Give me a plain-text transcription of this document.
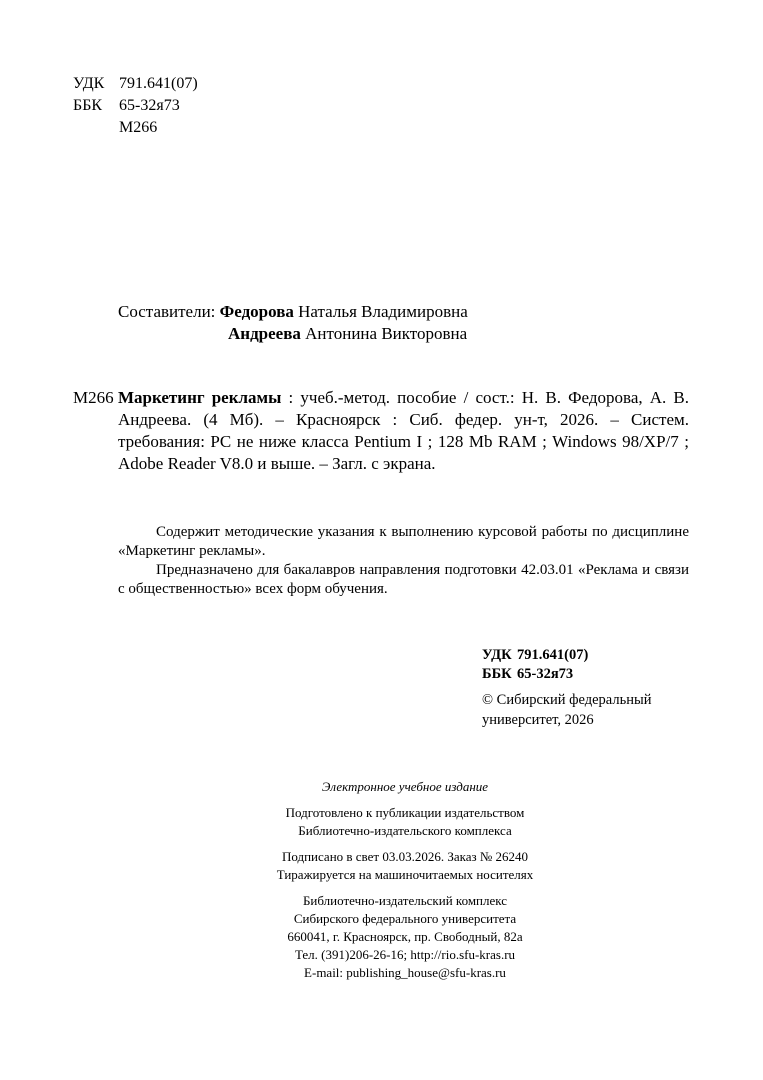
УДК 791.641(07)
ББК 65-32я73
М266
Составители: Федорова Наталья Владимировна
Андреева Антонина Викторовна
М266 Маркетинг рекламы : учеб.-метод. пособие / сост.: Н. В. Федорова, А. В. Андреева. (4 Мб). – Красноярск : Сиб. федер. ун-т, 2026. – Систем. требования: PC не ниже класса Pentium I ; 128 Mb RAM ; Windows 98/XP/7 ; Adobe Reader V8.0 и выше. – Загл. с экрана.

Содержит методические указания к выполнению курсовой работы по дисциплине «Маркетинг рекламы».

Предназначено для бакалавров направления подготовки 42.03.01 «Реклама и связи с общественностью» всех форм обучения.

УДК 791.641(07)
ББК 65-32я73
© Сибирский федеральный
университет, 2026

Электронное учебное издание

Подготовлено к публикации издательством

Библиотечно-издательского комплекса

Подписано в свет 03.03.2026. Заказ № 26240

Тиражируется на машиночитаемых носителях

Библиотечно-издательский комплекс

Сибирского федерального университета

660041, г. Красноярск, пр. Свободный, 82а

Тел. (391)206-26-16; http://rio.sfu-kras.ru

E-mail: publishing_house@sfu-kras.ru
